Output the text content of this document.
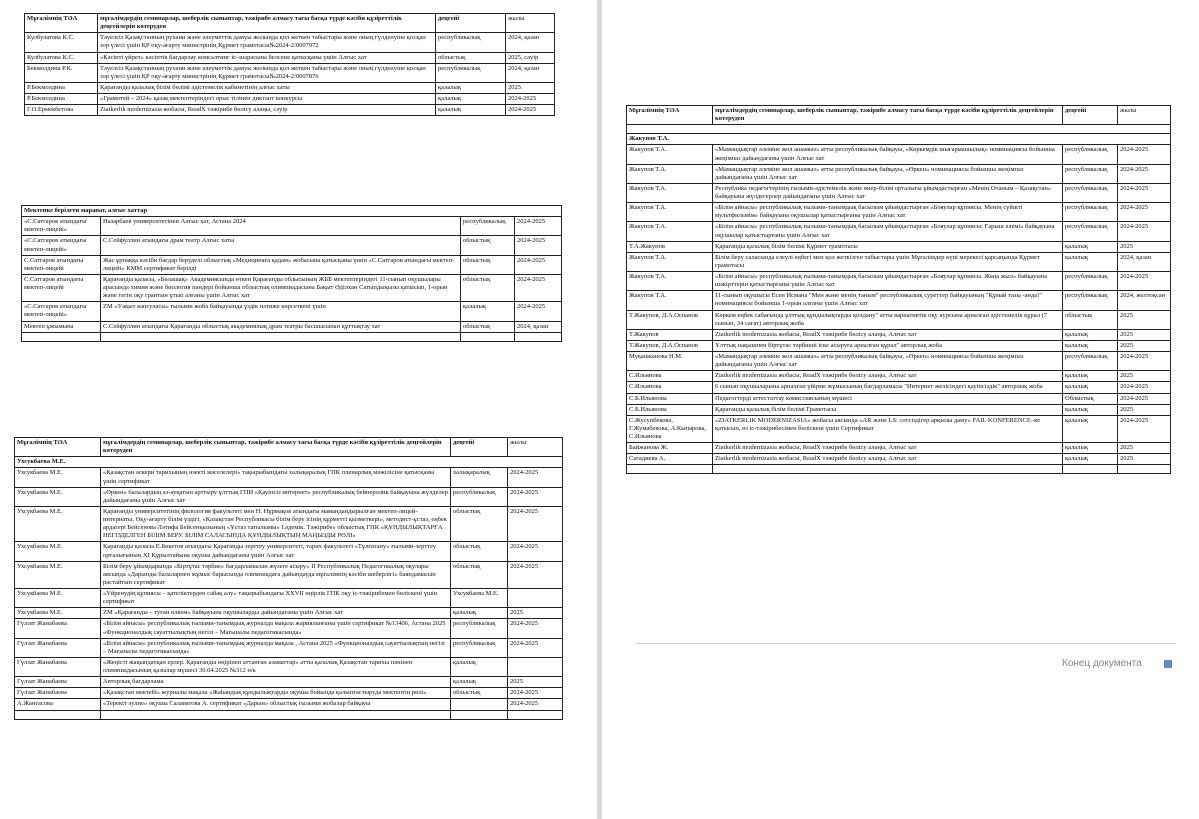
Мұғалімнің ТӘА	мұғалімдердің семинарлар, шеберлік сыныптар, тәжірибе алмасу тағы басқа түрде кәсіби құзіреттілік деңгейлерін көтеруден	деңгейі	жылы
Кулбулатова К.С.	Тәуелсіз Қазақстанның рухани және әлеуметтік дамуы жолында қол жеткен табыстары және оның гүлденуіне қосқан зор үлесі үшін ҚР оқу-ағарту министрінің Құрмет грамотасы№2024-2/0007972	республикалық	2024, қазан
Кулбулатова К.С.	«Кәсіпті үйрет» кәсіптік бағдарлау комсалтинг іс–шарасына белсене қатысқаны үшін Алғыс хат	облыстық	2025, сәуір
Бекмолдина Р.К.	Тәуелсіз Қазақстанның рухани және әлеуметтік дамуы жолында қол жеткен табыстары және оның гүлденуіне қосқан зор үлесі үшін ҚР оқу-ағарту министрінің Құрмет грамотасы№2024-2/0007876	республикалық	2024, қазан
Р.Бекмолдина	Қарағанды қалалық білім бөлімі әдістемелік кабинетінің алғыс хаты	қалалық	2025
Р.Бекмолдина	«Грамотей – 2024» қазақ мектептеріндегі орыс тілінен диктант конкурсы	қалалық	2024-2025
Г.О.Ермекбетова	Ziatkerlik modernizasia жобасы, ReadX тәжірибе бөлісу алаңы, сәуір	қалалық	2024-2025
Мектепке берілген марапат, алғыс хаттар			
«С.Сатгаров атындағы мектеп-лицейі»	Назарбаев университетінен Алғыс хат, Астана 2024	республикалық	2024-2025
«С.Сатгаров атындағы мектеп-лицейі»	С.Сейфуллин атындағы драм театр Алғыс хаты	облыстық	2024-2025
С.Сатгаров атындағы мектеп-лицейі	Жас ұрпаққа кәсіби бағдар беруделі облыстық «Медицинаға қадам» жобасына қатысқаны үшін «С.Сатгаров атындағы мектеп-лицейі» КММ сертификат берілді	облыстық	2024-2025
С.Сатгаров атындағы мектеп-лицейі	Қарағанды қаласы, «Бөлашақ» Академиясында өткен Қарағанды облысының ЖББ мектептеріндегі 11-сынып оқушылары арасында химия және биология пәндері бойынша облыстық олимпиадасына Бақыт Әділхан Сатыпдықызы қатысып, 1-орын және тегін оқу грантын ұтып алғаны үшін Алғыс хат	облыстық	2024-2025
«С.Сатгаров атындағы мектеп-лицейі»	ZM «Уақыт капсуласы» ғылыми жоба байқауында үздік нәтиже көрсеткені үшін	қалалық	2024-2025
Мектеп ұжымына	С.Сейфуллин атындағы Қарағанды облыстық академиялық драм театры басшысынан құттықтау хат	облыстық	2024, қазан

Мұғалімнің ТӘА	мұғалімдердің семинарлар, шеберлік сыныптар, тәжірибе алмасу тағы басқа түрде кәсіби құзіреттілік деңгейлерін көтеруден	деңгейі	жылы
Ухсукбаева М.Е.			
Ухсукбаева М.Е.	«Қазақстан әскери тарихының өзекті мәселелері» тақырыбындағы халықаралық ГПК пленарлық мәжілісіне қатысқаны үшін сертификат	халықаралық	2024-2025
Ухсукбаева М.Е.	«Өркен» балалардың аз-ауқатын арттыру ұлттық ГПИ «Қауіпсіз интернет» республикалық бейнеролик байқауына жүлделер дайындағаны үшін Алғыс хат	республикалық	2024-2025
Ухсукбаева М.Е.	Қарағанды университетінің филология факультеті мен Н. Нұрмақов атындағы мамандандырылған мектеп-лицей-интернаты. Оқу-ағарту білім үздігі, «Қазақстан Республикасы білім беру ісінің құрметті қызметкері», методист-ұстаз, еңбек ардагері Бейсенова Ләтифа Бейсенқызының «Ұстаз тағылымы» І.әдемік. Тәжірибе» облыстық ГПК «ҚҰНДЫЛЫҚТАРҒА НЕГІЗДЕЛГЕН БІЛІМ БЕРУ. БІЛІМ САЛАСЫНДА ҚҰНДЫЛЫҚТЫҢ МАҢЫЗДЫ РӨЛІ»	облыстық	2024-2025
Ухсукбаева М.Е.	Қарағанды қаласы Е.Бөкетов атындағы Қарағанды зерттеу университеті, тарих факультеті «Тұлғатану» ғылыми-зерттеу орталығының ХІ Құрылтайына оқушы дайындағаны үшін Алғыс хат	облыстық	2024-2025
Ухсукбаева М.Е.	Білім беру ұйымдарында «Біртұтас тәрбие» бағдарламасын жүзеге асыру» ІІ Республикалық Педагогикалық оқулары аясында «Дарынды балаларнен жұмыс барысында олимпиадаға дайындауда мұғалімнің кәсіби шеберлігі» баяндамасын растайтын сертификат	облыстық	2024-2025
Ухсукбаева М.Е.	«Үйренудің құпиясы – қателіктерден сабақ алу» тақырыбындағы XXVII өңірлік ГПК оқу іс-тәжірибемен бөліскені үшін сертификат	Ухсукбаева М.Е.	
Ухсукбаева М.Е.	ZM «Қарағанды – туған өлкем» байқауына оқушыларды дайындағаны үшін Алғыс хат	қалалық	2025
Гүлзат Жанабаева	«Білім айнасы» республикалық ғылыми-танымдық журналда мақала жарияланғаны үшін сертификат №13406, Астана 2025 «Функционалдық сауаттылықтың негізі – Мағыналы педагогикасында»	республикалық	2024-2025
Гүлзат Жанабаева	«Білім айнасы» республикалық ғылыми-танымдық журналда мақала , Астана 2025 «Функционалдық сауаттылықтың негізі – Мағыналы педагогикасында»	республикалық	2024-2025
Гүлзат Жанабаева	«Жеңісті жақындатқан ерлер. Қарағанды өңірінен аттанған азаматтар» атты қалалық Қазақстан тарихы пәнінен олимпиадасының қазылар мүшесі 30.04.2025 №312 н/к	қалалық	
Гүлзат Жанабаева	Авторлық бағдарлама	қалалық	2025
Гүлзат Жанабаева	«Қазақстан мектебі» журналы мақала «Жаһандық құндылықтарды оқушы бойында қалыптастыруда мектептің рөлі»	облыстық	2024-2025
А.Жангасова	«Терекіт әулие» оқушы Салаватова А. сертификат «Дарын» облыстық ғылыми жобалар байқауы		2024-2025

Мұғалімнің ТӘА	мұғалімдердің семинарлар, шеберлік сыныптар, тәжірибе алмасу тағы басқа түрде кәсіби құзіреттілік деңгейлерін көтеруден	деңгейі	жылы

Жакупов Т.А.			
Жакупов Т.А.	«Мамандықтар әлеміне жол ашамыз» атты республикалық байқауы, «Көркемдік шығармашылық» номинациясы бойынша жеңімпаз дайындағаны үшін Алғыс хат	республикалық	2024-2025
Жакупов Т.А.	«Мамандықтар әлеміне жол ашамыз» атты республикалық байқауы, «Өркен» номинациясы бойынша жеңімпаз дайындағаны үшін Алғыс хат	республикалық	2024-2025
Жакупов Т.А.	Республика педагогтерінің ғылыми-әдістемелік және өнер-білім орталығы ұйымдастырған «Менің Отаным – Қазақстан» байқауына жүлдегерлер дайындағаны үшін Алғыс хат	республикалық	2024-2025
Жакупов Т.А.	«Білім айнасы» республикалық ғылыми-танымдық басылым ұйымдастырған «Бояулар құпиясы. Менің сүйікті мультфильмім» байқауына оқушылар қатыстырғаны үшін Алғыс хат	республикалық	2024-2025
Жакупов Т.А.	«Білім айнасы» республикалық ғылыми-танымдық басылым ұйымдастырған «Бояулар құпиясы: Ғарыш әлемі» байқауына оқушылар қатыстырғаны үшін Алғыс хат	республикалық	2024-2025
Т.А.Жакупов	Қарағанды қалалық білім бөлімі Құрмет грамотасы	қалалық	2025
Жакупов Т.А.	Білім беру саласында елеулі еңбегі мен қол жеткізген табыстары үшін Мұғалімдер күні мерекесі қарсаңында Құрмет грамотасы	қалалық	2024, қазан
Жакупов Т.А.	«Білім айнасы» республикалық ғылыми-танымдық басылым ұйымдастырған «Бояулар құпиясы. Жаңа жыл» байқауына шәкірттерін қатыстырғаны үшін Алғыс хат	республикалық	2024-2025
Жакупов Т.А.	11-сынып оқушысы Есен Исмана "Мен және менің таным" республикалық суреттер байқауының "Құмай тазы -анда!" номинациясы бойынша 1-орын алғаны үшін Алғыс хат	республикалық	2024, желтоқсан
Т.Жакупов, Д.А.Оспанов	Көркем еңбек сабағында ұлттық құндылықтарды қолдану" атты вариативтік оқу курсына арналған әдістемелік құрал (7 сынып, 34 сағат) авторлық жоба	облыстық	2025
Т.Жакупов	Ziatkerlik modernizasia жобасы, ReadX тәжірибе бөлісу алаңы, Алғыс хат	қалалық	2025
Т.Жакупов, Д.А.Оспанов	Ұлттық нақышпен біртұтас тәрбиені іске асыруға арналған құрал" авторлық жоба	қалалық	2025
Мукашканова Н.М.	«Мамандықтар әлеміне жол ашамыз» атты республикалық байқауы, «Өркен» номинациясы бойынша жеңімпаз дайындағаны үшін Алғыс хат	республикалық	2024-2025
С.Ильянова	Ziatkerlik modernizasia жобасы, ReadX тәжірибе бөлісу алаңы, Алғыс хат	қалалық	2025
С.Ильянова	6 сынып оқушыларына арналған үйірме жұмысының бағдарламасы "Интернет желісіндегі қауіпсіздік" авторлық жоба	қалалық	2024-2025
С.Б.Ильянова	Педагогтерді аттестаттау комиссиясының мүшесі	Облыстық	2024-2025
С.Б.Ильянова	Қарағанды қалалық білім бөлімі Грамотасы	қалалық	2025
С.Жусупбекова, Г.Жумабекова, А.Кыпарова, С.Ильянова	«ZIATKERLIK MODERNIZASIA» жобасы аясында «AR және LS: сотсіздігер арқылы даму» FAIL KONFERENCE–ке қатысып, өз іс-тәжірибесімен бөліскені үшін Сертификат	қалалық	2024-2025
Байжанова Ж.	Ziatkerlik modernizasia жобасы, ReadX тәжірибе бөлісу алаңы, Алғыс хат	қалалық	2025
Сагадиева А.	Ziatkerlik modernizasia жобасы, ReadX тәжірибе бөлісу алаңы, Алғыс хат	қалалық	2025

Конец документа
